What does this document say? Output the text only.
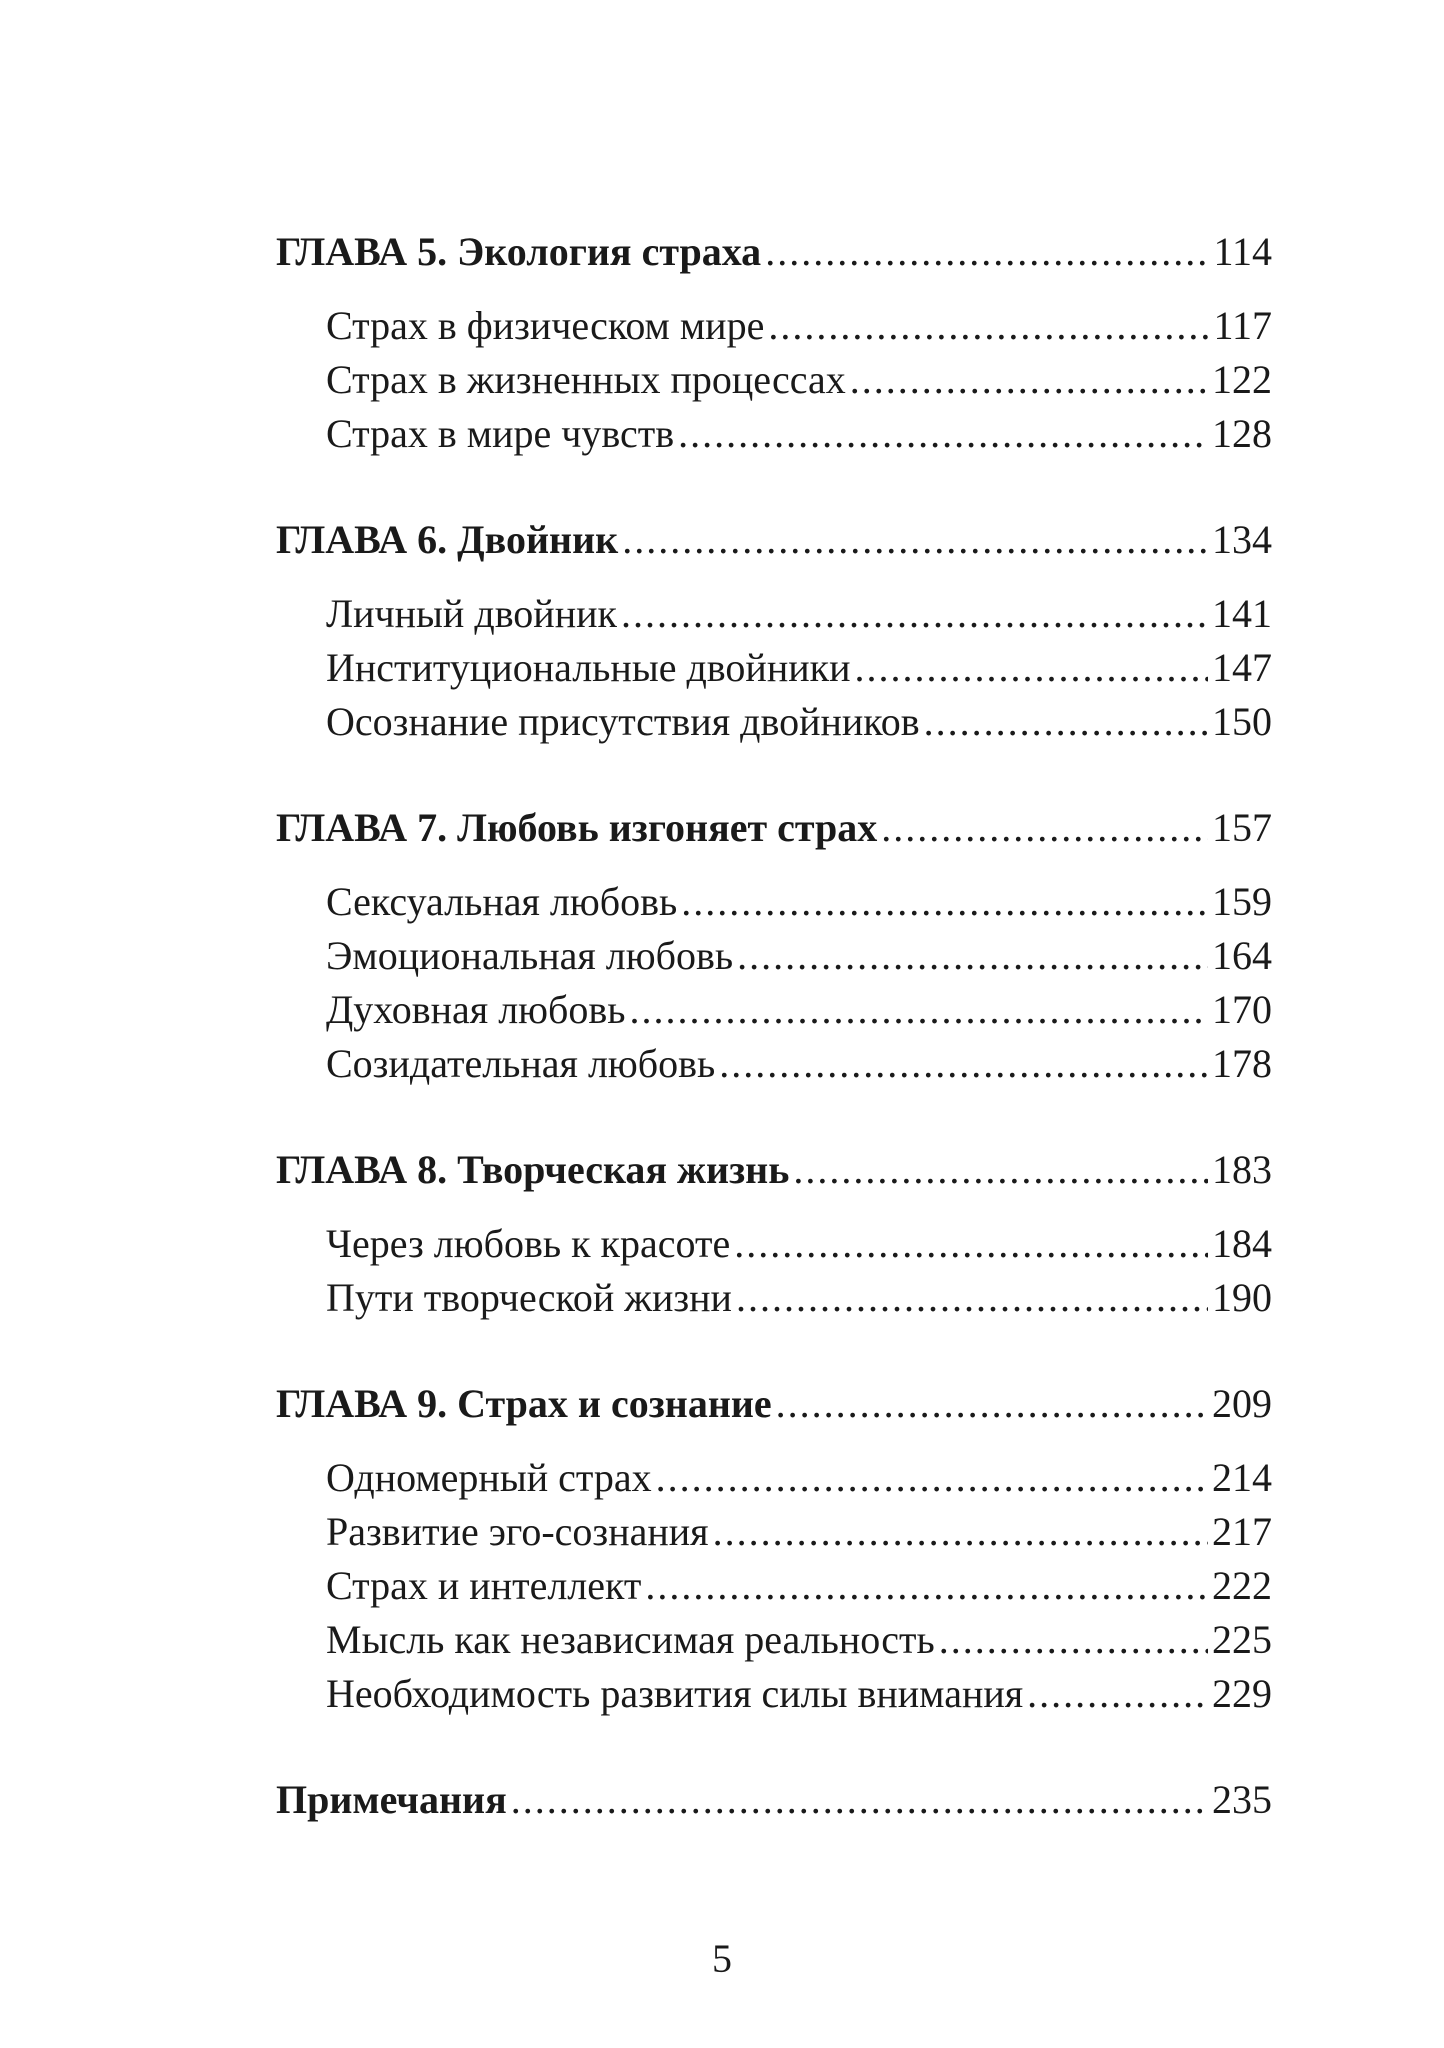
ГЛАВА 5. Экология страха .....	114
Страх в физическом мире .....	117
Страх в жизненных процессах .....	122
Страх в мире чувств .....	128
ГЛАВА 6. Двойник .....	134
Личный двойник .....	141
Институциональные двойники .....	147
Осознание присутствия двойников .....	150
ГЛАВА 7. Любовь изгоняет страх .....	157
Сексуальная любовь .....	159
Эмоциональная любовь .....	164
Духовная любовь .....	170
Созидательная любовь .....	178
ГЛАВА 8. Творческая жизнь .....	183
Через любовь к красоте .....	184
Пути творческой жизни .....	190
ГЛАВА 9. Страх и сознание .....	209
Одномерный страх .....	214
Развитие эго-сознания .....	217
Страх и интеллект .....	222
Мысль как независимая реальность .....	225
Необходимость развития силы внимания .....	229
Примечания .....	235
5
